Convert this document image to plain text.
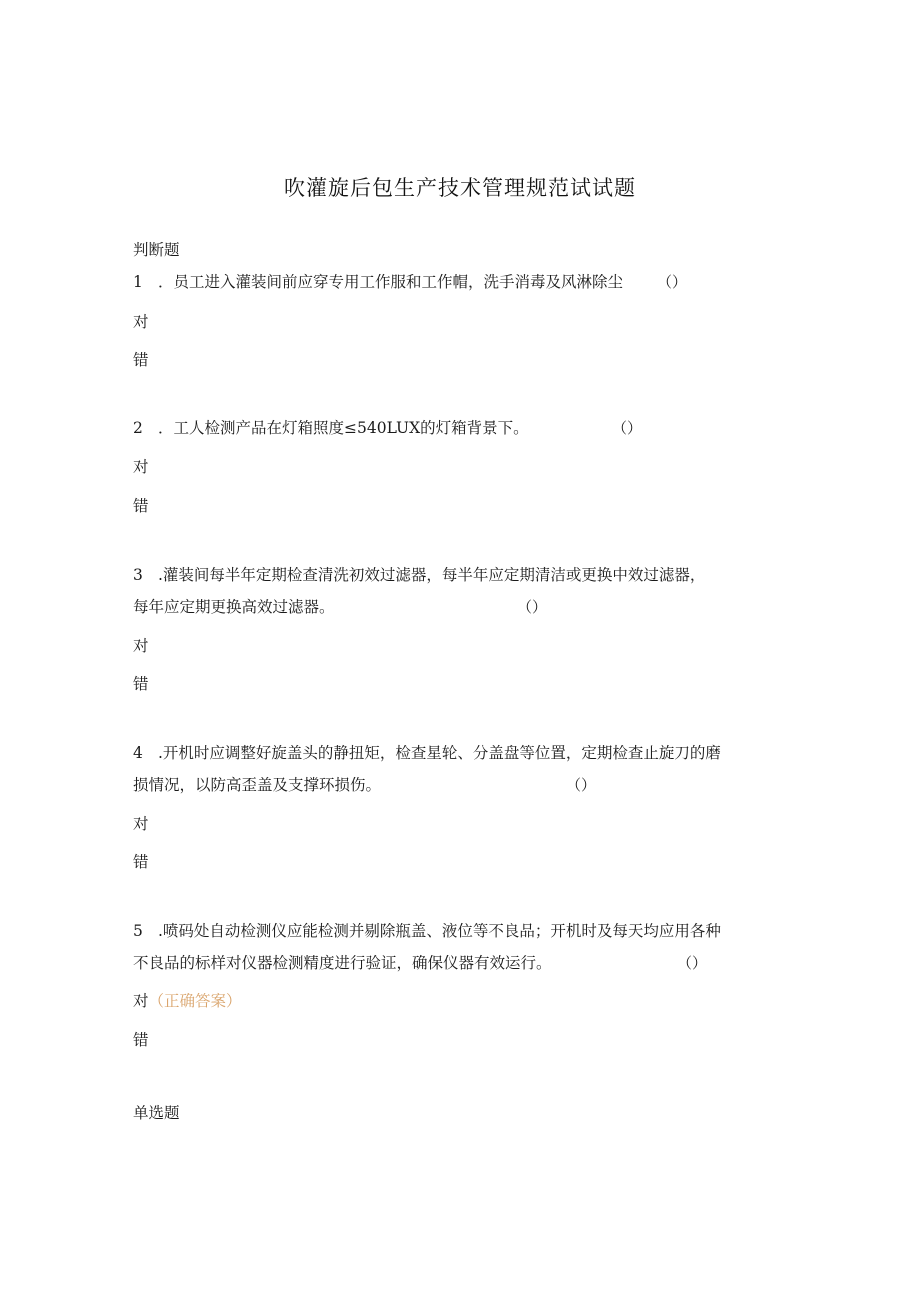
吹灌旋后包生产技术管理规范试试题
判断题
1 ．员工进入灌装间前应穿专用工作服和工作帽，洗手消毒及风淋除尘 （）
对
错
2 ．工人检测产品在灯箱照度≤540LUX的灯箱背景下。	（）
对
错
3 .灌装间每半年定期检查清洗初效过滤器，每半年应定期清洁或更换中效过滤器，
每年应定期更换高效过滤器。	（）
对
错
4 .开机时应调整好旋盖头的静扭矩，检查星轮、分盖盘等位置，定期检查止旋刀的磨
损情况，以防高歪盖及支撑环损伤。	（）
对
错
5 .喷码处自动检测仪应能检测并剔除瓶盖、液位等不良品；开机时及每天均应用各种
不良品的标样对仪器检测精度进行验证，确保仪器有效运行。	（）
对（正确答案）
错
单选题
